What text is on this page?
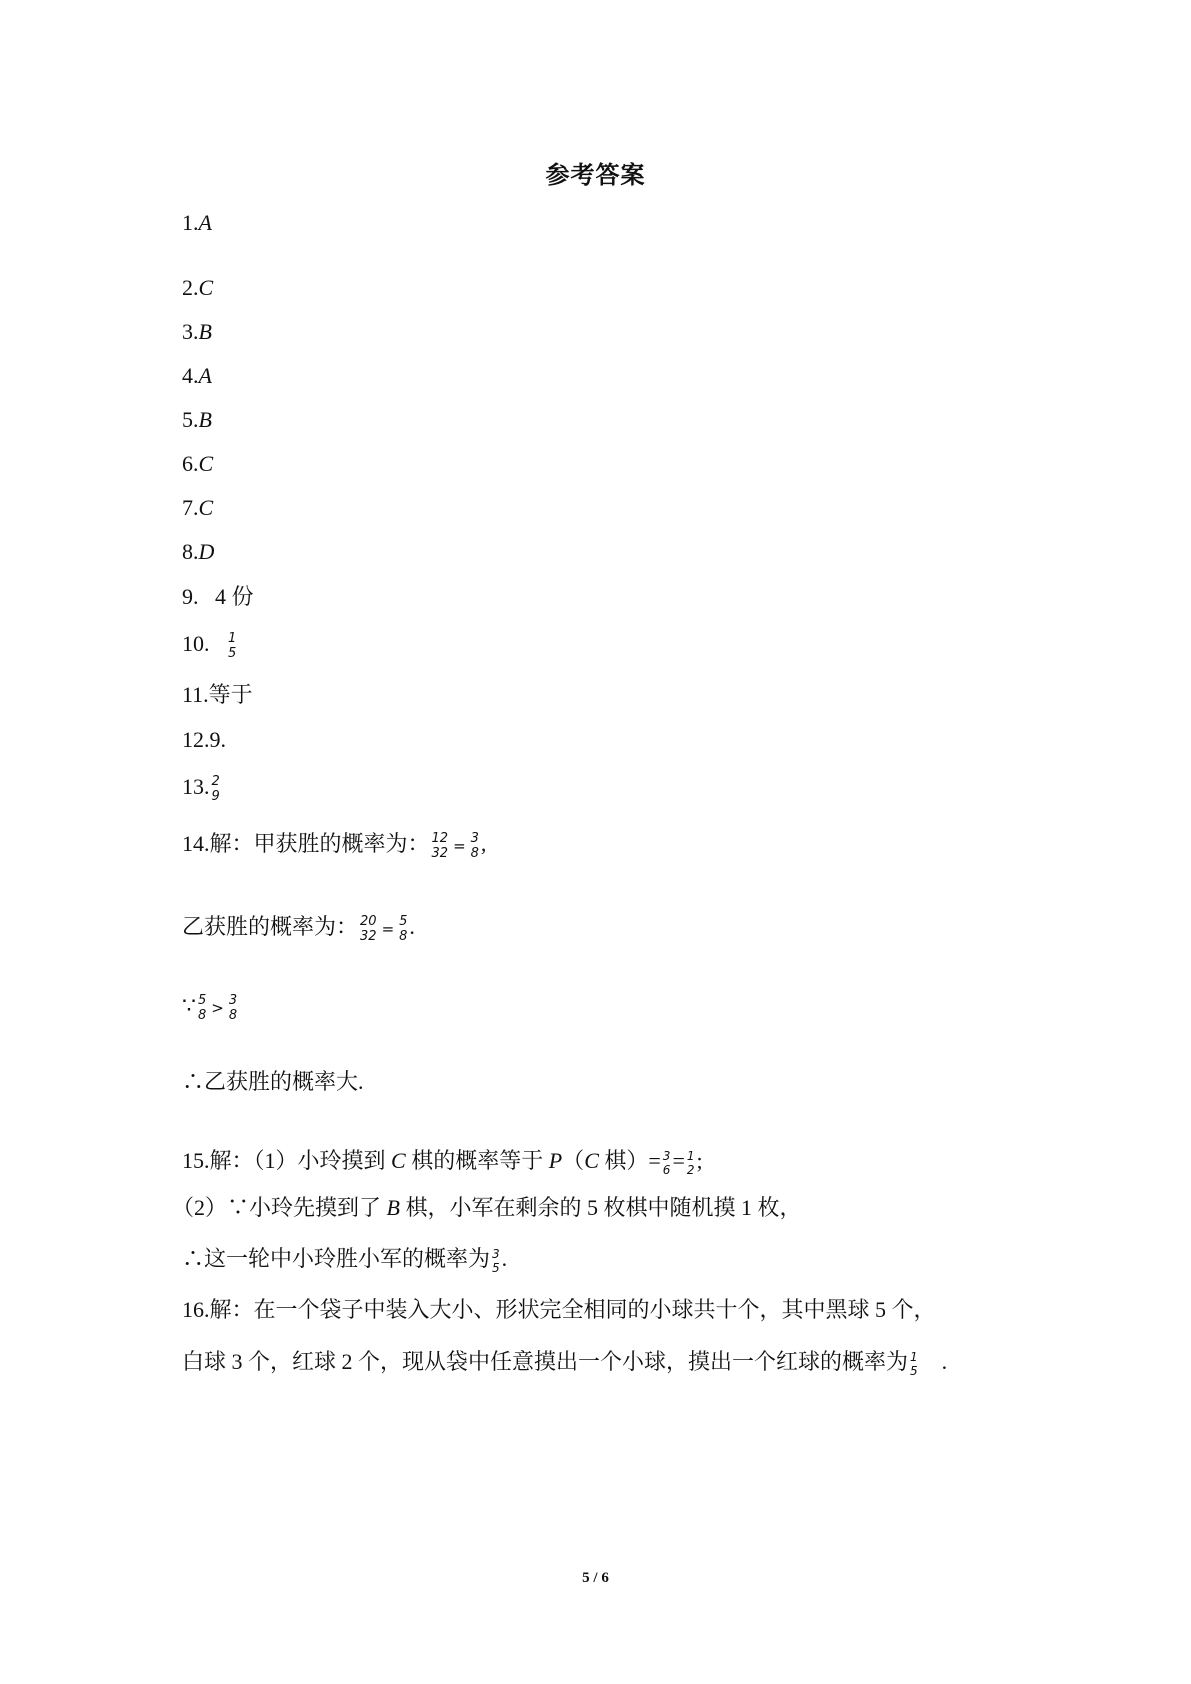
参考答案
1.A
2.C
3.B
4.A
5.B
6.C
7.C
8.D
9. 4 份
10. 1
5
11.等于
12.9.
13. 2
9
14.解：甲获胜的概率为： 12
32 = 3
8 ,
乙获胜的概率为： 20
32 = 5
8 .
∵ 5
8 > 3
8
∴乙获胜的概率大.
15.解：（1）小玲摸到 C 棋的概率等于 P（C 棋）= 3
6 = 1
2 ;
（2）∵小玲先摸到了 B 棋，小军在剩余的 5 枚棋中随机摸 1 枚，
∴这一轮中小玲胜小军的概率为 3
5 .
16.解：在一个袋子中装入大小、形状完全相同的小球共十个，其中黑球 5 个，
白球 3 个，红球 2 个，现从袋中任意摸出一个小球，摸出一个红球的概率为 1
5 .
5 / 6
